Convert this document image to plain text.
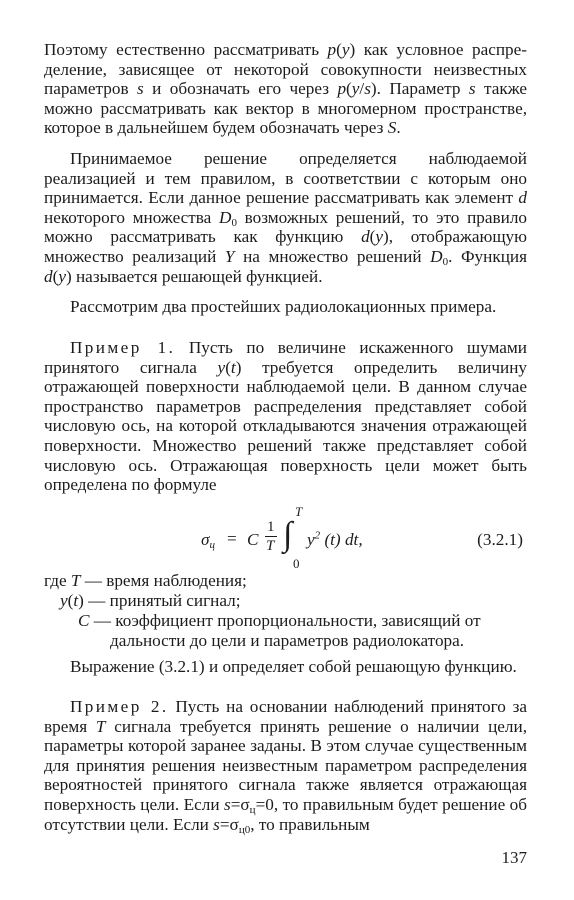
Поэтому естественно рассматривать p(y) как условное распределение, зависящее от некоторой совокупности неизвестных параметров s и обозначать его через p(y/s). Параметр s также можно рассматривать как вектор в многомерном пространстве, которое в дальнейшем будем обозначать через S.

Принимаемое решение определяется наблюдаемой реализацией и тем правилом, в соответствии с которым оно принимается. Если данное решение рассматривать как элемент d некоторого множества $D_0$ возможных решений, то это правило можно рассматривать как функцию d(y), отображающую множество реализаций Y на множество решений $D_0$. Функция d(y) называется решающей функцией.

Рассмотрим два простейших радиолокационных примера.

Пример 1. Пусть по величине искаженного шумами принятого сигнала y(t) требуется определить величину отражающей поверхности наблюдаемой цели. В данном случае пространство параметров распределения представляет собой числовую ось, на которой откладываются значения отражающей поверхности. Множество решений также представляет собой числовую ось. Отражающая поверхность цели может быть определена по формуле

$\sigma_ц = C$
1
T ∫
T
0
$y^2$ (t) dt,	(3.2.1)
где T — время наблюдения;
y(t) — принятый сигнал;
C — коэффициент пропорциональности, зависящий от
дальности до цели и параметров радиолокатора.

Выражение (3.2.1) и определяет собой решающую функцию.

Пример 2. Пусть на основании наблюдений принятого за время T сигнала требуется принять решение о наличии цели, параметры которой заранее заданы. В этом случае существенным для принятия решения неизвестным параметром распределения вероятностей принятого сигнала также является отражающая поверхность цели. Если $s=\sigma_ц=0$, то правильным будет решение об отсутствии цели. Если $s=\sigma_{ц0}$, то правильным

137
